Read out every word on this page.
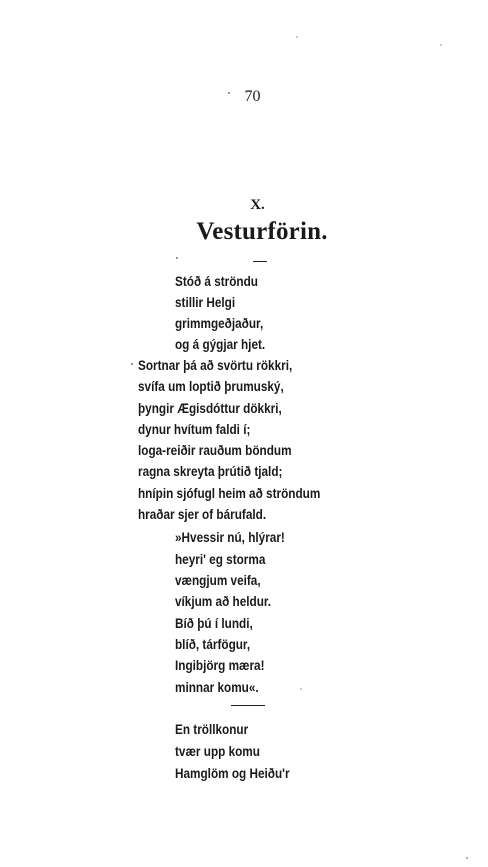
70
X.
Vesturförin.
Stóð á ströndu
stillir Helgi
grimmgeðjaður,
og á gýgjar hjet.
Sortnar þá að svörtu rökkri,
svífa um loptið þrumuský,
þyngir Ægisdóttur dökkri,
dynur hvítum faldi í;
loga-reiðir rauðum böndum
ragna skreyta þrútið tjald;
hnípin sjófugl heim að ströndum
hraðar sjer of bárufald.
»Hvessir nú, hlýrar!
heyri' eg storma
vængjum veifa,
víkjum að heldur.
Bíð þú í lundi,
blíð, tárfögur,
Ingibjörg mæra!
minnar komu«.
En tröllkonur
tvær upp komu
Hamglöm og Heiðu'r
